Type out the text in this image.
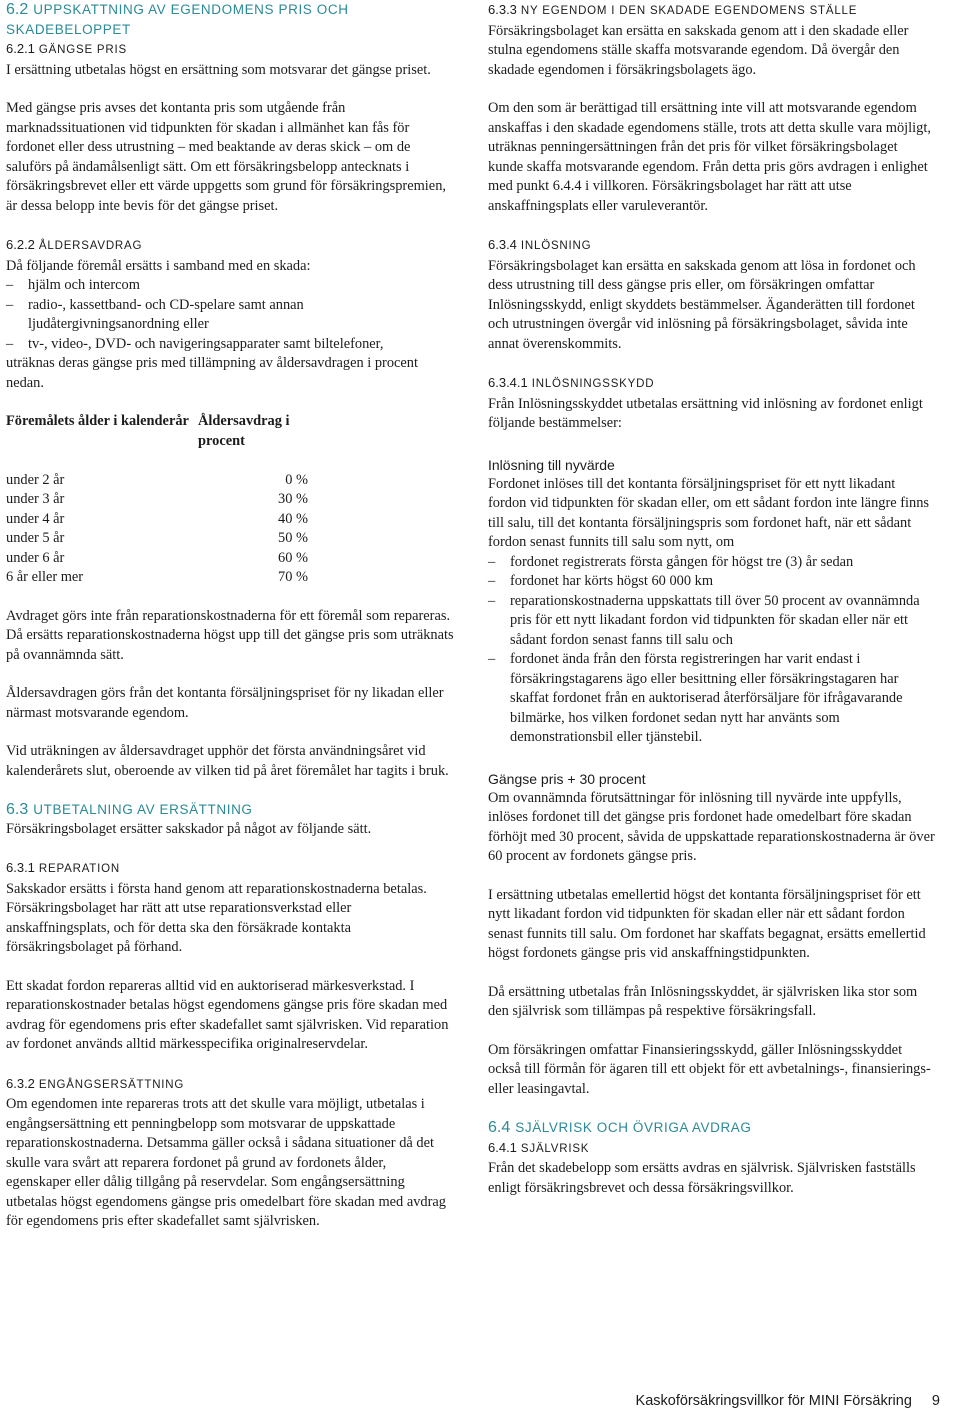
6.2 UPPSKATTNING AV EGENDOMENS PRIS OCH SKADEBELOPPET
6.2.1 GÄNGSE PRIS

I ersättning utbetalas högst en ersättning som motsvarar det gängse priset.

Med gängse pris avses det kontanta pris som utgående från marknadssituationen vid tidpunkten för skadan i allmänhet kan fås för fordonet eller dess utrustning – med beaktande av deras skick – om de saluförs på ändamålsenligt sätt. Om ett försäkringsbelopp antecknats i försäkringsbrevet eller ett värde uppgetts som grund för försäkringspremien, är dessa belopp inte bevis för det gängse priset.

6.2.2 ÅLDERSAVDRAG

Då följande föremål ersätts i samband med en skada:

– hjälm och intercom
– radio-, kassettband- och CD-spelare samt annan ljudåtergivningsanordning eller
– tv-, video-, DVD- och navigeringsapparater samt biltelefoner,

uträknas deras gängse pris med tillämpning av åldersavdragen i procent nedan.

Föremålets ålder i kalenderår	Åldersavdrag i procent

under 2 år	0 %
under 3 år	30 %
under 4 år	40 %
under 5 år	50 %
under 6 år	60 %
6 år eller mer	70 %

Avdraget görs inte från reparationskostnaderna för ett föremål som repareras. Då ersätts reparationskostnaderna högst upp till det gängse pris som uträknats på ovannämnda sätt.

Åldersavdragen görs från det kontanta försäljningspriset för ny likadan eller närmast motsvarande egendom.

Vid uträkningen av åldersavdraget upphör det första användningsåret vid kalenderårets slut, oberoende av vilken tid på året föremålet har tagits i bruk.

6.3 UTBETALNING AV ERSÄTTNING

Försäkringsbolaget ersätter sakskador på något av följande sätt.

6.3.1 REPARATION

Sakskador ersätts i första hand genom att reparationskostnaderna betalas. Försäkringsbolaget har rätt att utse reparationsverkstad eller anskaffningsplats, och för detta ska den försäkrade kontakta försäkringsbolaget på förhand.

Ett skadat fordon repareras alltid vid en auktoriserad märkesverkstad. I reparationskostnader betalas högst egendomens gängse pris före skadan med avdrag för egendomens pris efter skadefallet samt självrisken. Vid reparation av fordonet används alltid märkesspecifika originalreservdelar.

6.3.2 ENGÅNGSERSÄTTNING

Om egendomen inte repareras trots att det skulle vara möjligt, utbetalas i engångsersättning ett penningbelopp som motsvarar de uppskattade reparationskostnaderna. Detsamma gäller också i sådana situationer då det skulle vara svårt att reparera fordonet på grund av fordonets ålder, egenskaper eller dålig tillgång på reservdelar. Som engångsersättning utbetalas högst egendomens gängse pris omedelbart före skadan med avdrag för egendomens pris efter skadefallet samt självrisken.

6.3.3 NY EGENDOM I DEN SKADADE EGENDOMENS STÄLLE

Försäkringsbolaget kan ersätta en sakskada genom att i den skadade eller stulna egendomens ställe skaffa motsvarande egendom. Då övergår den skadade egendomen i försäkringsbolagets ägo.

Om den som är berättigad till ersättning inte vill att motsvarande egendom anskaffas i den skadade egendomens ställe, trots att detta skulle vara möjligt, uträknas penningersättningen från det pris för vilket försäkringsbolaget kunde skaffa motsvarande egendom. Från detta pris görs avdragen i enlighet med punkt 6.4.4 i villkoren. Försäkringsbolaget har rätt att utse anskaffningsplats eller varuleverantör.

6.3.4 INLÖSNING

Försäkringsbolaget kan ersätta en sakskada genom att lösa in fordonet och dess utrustning till dess gängse pris eller, om försäkringen omfattar Inlösningsskydd, enligt skyddets bestämmelser. Äganderätten till fordonet och utrustningen övergår vid inlösning på försäkringsbolaget, såvida inte annat överenskommits.

6.3.4.1 INLÖSNINGSSKYDD

Från Inlösningsskyddet utbetalas ersättning vid inlösning av fordonet enligt följande bestämmelser:

Inlösning till nyvärde

Fordonet inlöses till det kontanta försäljningspriset för ett nytt likadant fordon vid tidpunkten för skadan eller, om ett sådant fordon inte längre finns till salu, till det kontanta försäljningspris som fordonet haft, när ett sådant fordon senast funnits till salu som nytt, om

– fordonet registrerats första gången för högst tre (3) år sedan
– fordonet har körts högst 60 000 km
– reparationskostnaderna uppskattats till över 50 procent av ovannämnda pris för ett nytt likadant fordon vid tidpunkten för skadan eller när ett sådant fordon senast fanns till salu och
– fordonet ända från den första registreringen har varit endast i försäkringstagarens ägo eller besittning eller försäkringstagaren har skaffat fordonet från en auktoriserad återförsäljare för ifrågavarande bilmärke, hos vilken fordonet sedan nytt har använts som demonstrationsbil eller tjänstebil.
Gängse pris + 30 procent

Om ovannämnda förutsättningar för inlösning till nyvärde inte uppfylls, inlöses fordonet till det gängse pris fordonet hade omedelbart före skadan förhöjt med 30 procent, såvida de uppskattade reparationskostnaderna är över 60 procent av fordonets gängse pris.

I ersättning utbetalas emellertid högst det kontanta försäljningspriset för ett nytt likadant fordon vid tidpunkten för skadan eller när ett sådant fordon senast funnits till salu. Om fordonet har skaffats begagnat, ersätts emellertid högst fordonets gängse pris vid anskaffningstidpunkten.

Då ersättning utbetalas från Inlösningsskyddet, är självrisken lika stor som den självrisk som tillämpas på respektive försäkringsfall.

Om försäkringen omfattar Finansieringsskydd, gäller Inlösningsskyddet också till förmån för ägaren till ett objekt för ett avbetalnings-, finansierings- eller leasingavtal.

6.4 SJÄLVRISK OCH ÖVRIGA AVDRAG
6.4.1 SJÄLVRISK

Från det skadebelopp som ersätts avdras en självrisk. Självrisken fastställs enligt försäkringsbrevet och dessa försäkringsvillkor.

Kaskoförsäkringsvillkor för MINI Försäkring 9
